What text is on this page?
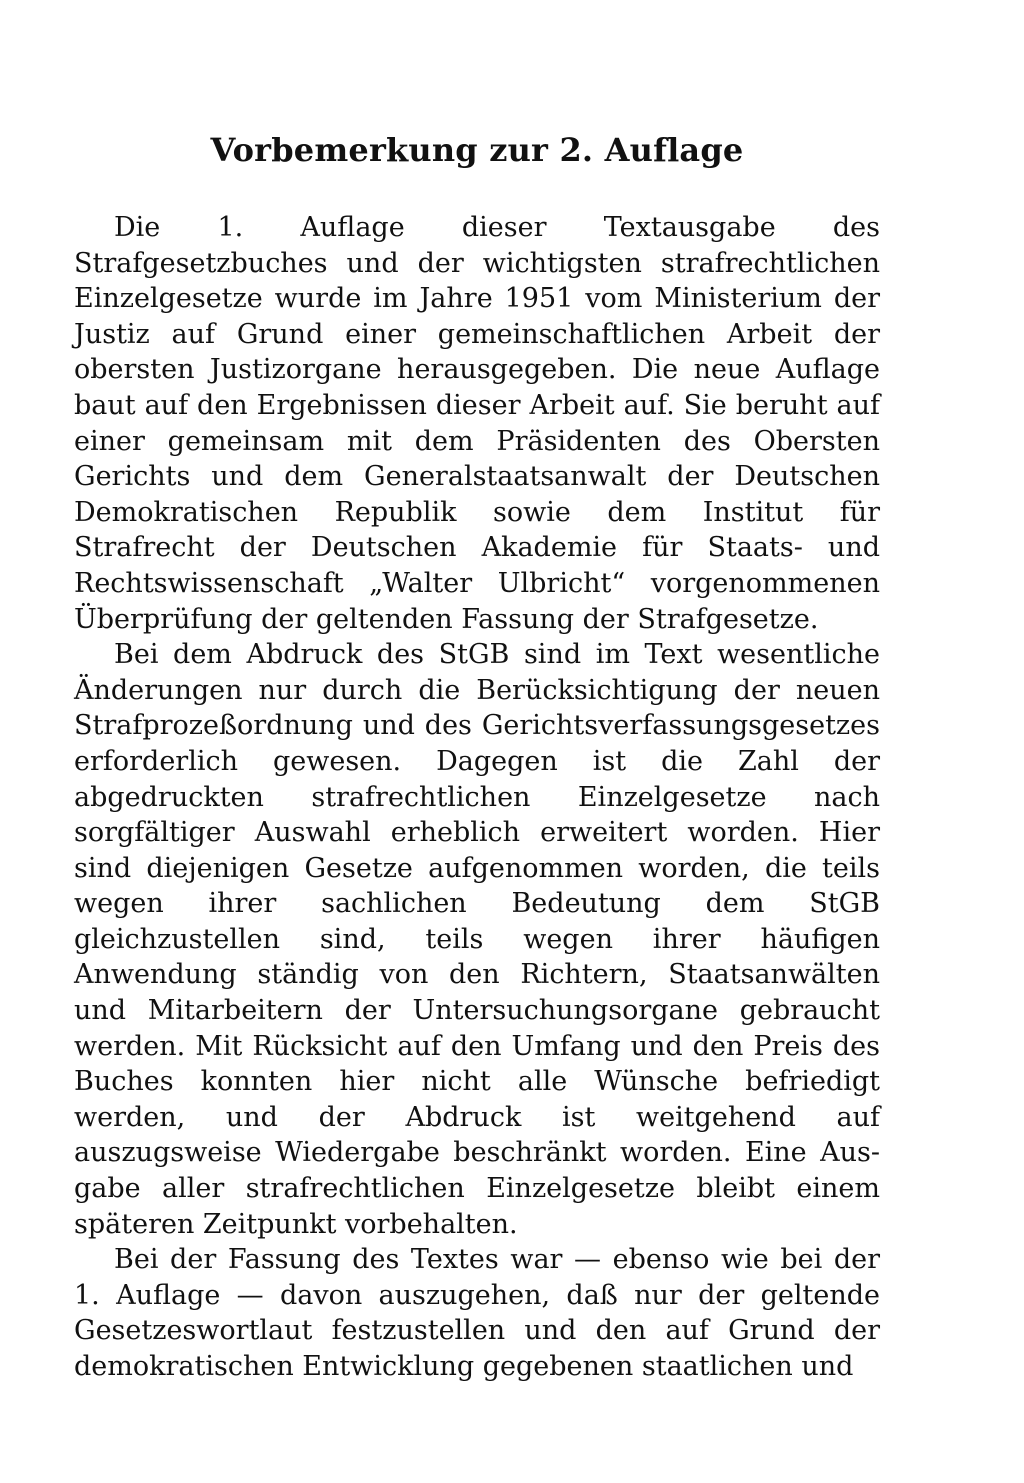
Vorbemerkung zur 2. Auflage

Die 1. Auflage dieser Textausgabe des Strafgesetzbuches und der wichtigsten strafrechtlichen Einzelgesetze wurde im Jahre 1951 vom Ministerium der Justiz auf Grund einer gemeinschaftlichen Arbeit der obersten Justizorgane herausgegeben. Die neue Auflage baut auf den Ergebnissen dieser Arbeit auf. Sie beruht auf einer gemeinsam mit dem Präsidenten des Obersten Gerichts und dem Generalstaatsanwalt der Deutschen Demokratischen Republik sowie dem Institut für Strafrecht der Deutschen Akademie für Staats- und Rechtswissenschaft „Walter Ulbricht“ vorgenommenen Überprüfung der geltenden Fassung der Strafgesetze.

Bei dem Abdruck des StGB sind im Text wesentliche Änderungen nur durch die Berücksichtigung der neuen Strafprozeßordnung und des Gerichtsverfassungsgesetzes erforderlich gewesen. Dagegen ist die Zahl der abgedruckten strafrechtlichen Einzelgesetze nach sorgfältiger Auswahl erheblich erweitert worden. Hier sind diejenigen Gesetze aufgenommen worden, die teils wegen ihrer sachlichen Bedeutung dem StGB gleichzustellen sind, teils wegen ihrer häufigen Anwendung ständig von den Richtern, Staatsanwälten und Mitarbeitern der Untersuchungsorgane gebraucht werden. Mit Rücksicht auf den Umfang und den Preis des Buches konnten hier nicht alle Wünsche befriedigt werden, und der Abdruck ist weitgehend auf auszugsweise Wiedergabe beschränkt worden. Eine Ausgabe aller strafrechtlichen Einzelgesetze bleibt einem späteren Zeitpunkt vorbehalten.

Bei der Fassung des Textes war — ebenso wie bei der 1. Auflage — davon auszugehen, daß nur der geltende Gesetzeswortlaut festzustellen und den auf Grund der demokratischen Entwicklung gegebenen staatlichen und
